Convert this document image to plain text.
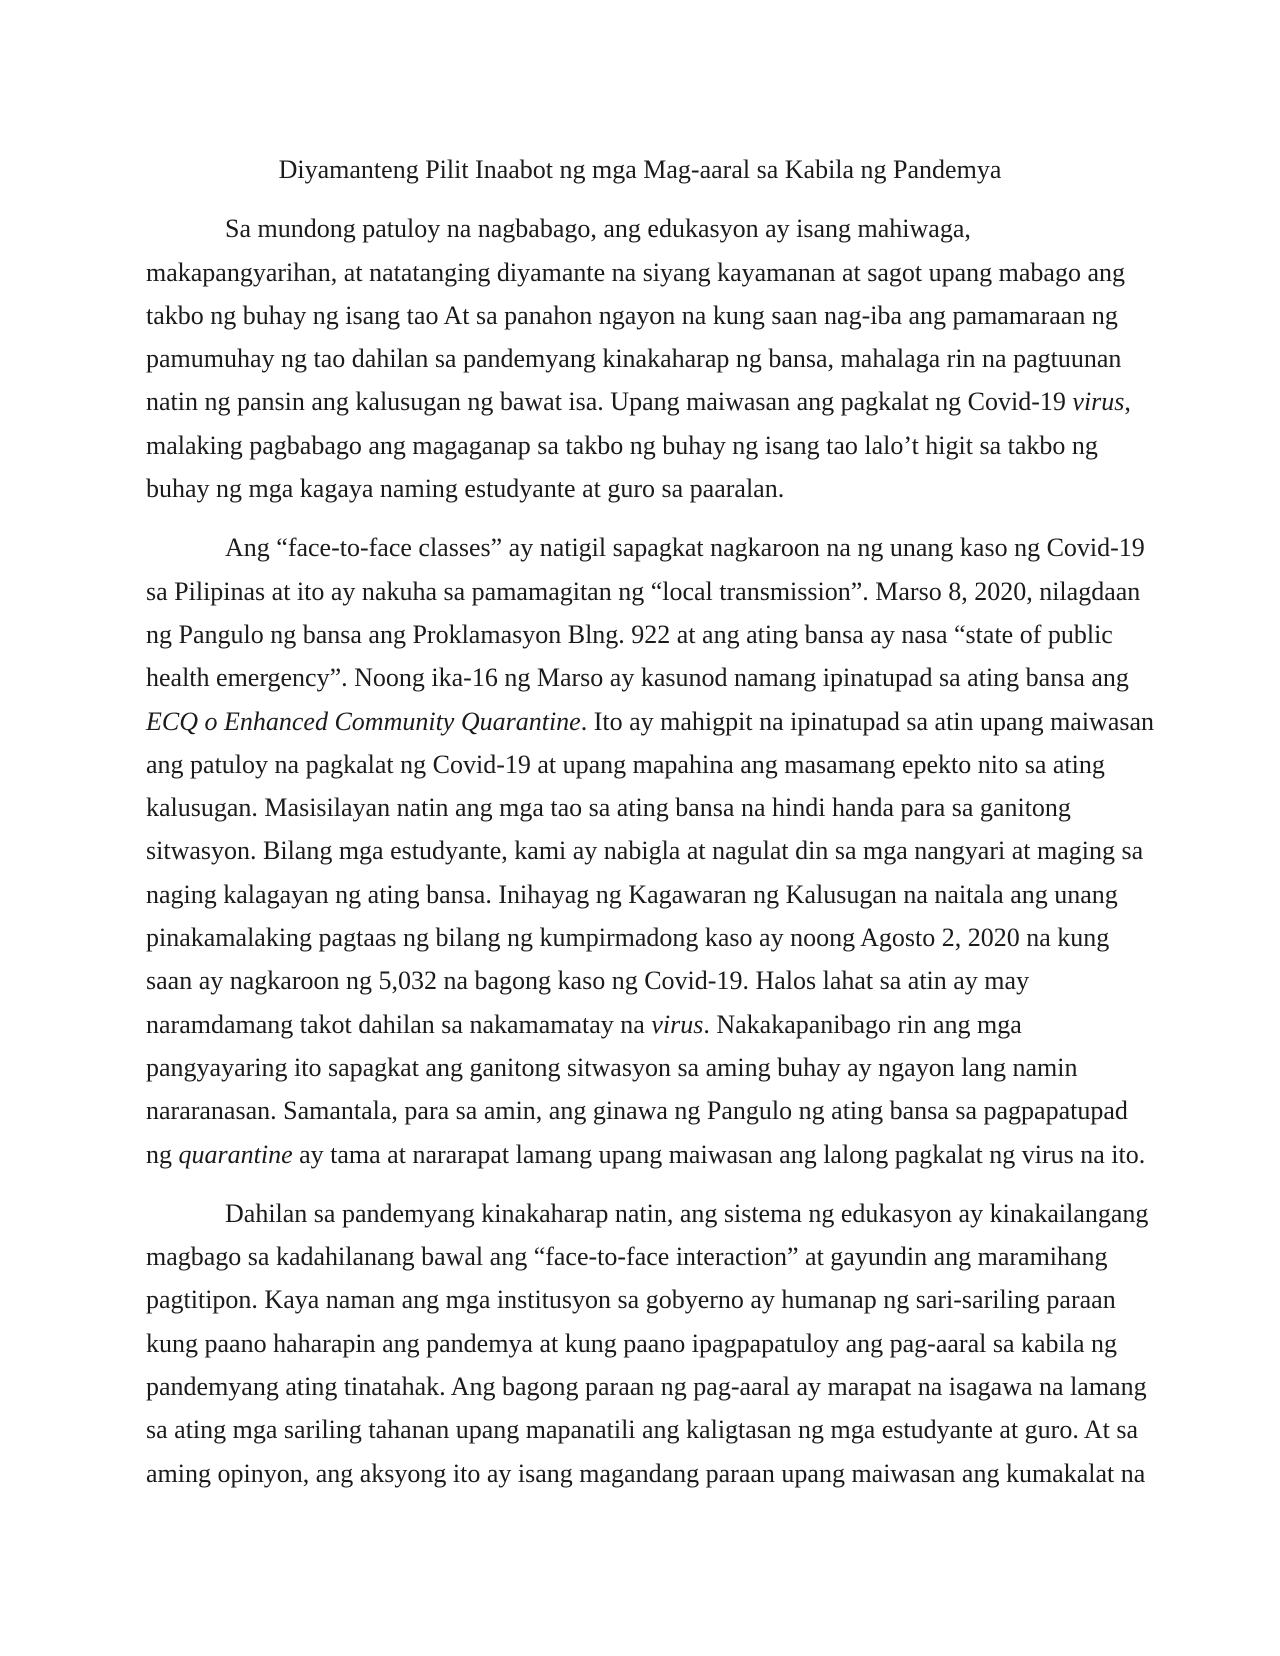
Diyamanteng Pilit Inaabot ng mga Mag-aaral sa Kabila ng Pandemya
Sa mundong patuloy na nagbabago, ang edukasyon ay isang mahiwaga,
makapangyarihan, at natatanging diyamante na siyang kayamanan at sagot upang mabago ang
takbo ng buhay ng isang tao At sa panahon ngayon na kung saan nag-iba ang pamamaraan ng
pamumuhay ng tao dahilan sa pandemyang kinakaharap ng bansa, mahalaga rin na pagtuunan
natin ng pansin ang kalusugan ng bawat isa. Upang maiwasan ang pagkalat ng Covid-19 virus,
malaking pagbabago ang magaganap sa takbo ng buhay ng isang tao lalo’t higit sa takbo ng
buhay ng mga kagaya naming estudyante at guro sa paaralan.
Ang “face-to-face classes” ay natigil sapagkat nagkaroon na ng unang kaso ng Covid-19
sa Pilipinas at ito ay nakuha sa pamamagitan ng “local transmission”. Marso 8, 2020, nilagdaan
ng Pangulo ng bansa ang Proklamasyon Blng. 922 at ang ating bansa ay nasa “state of public
health emergency”. Noong ika-16 ng Marso ay kasunod namang ipinatupad sa ating bansa ang
ECQ o Enhanced Community Quarantine. Ito ay mahigpit na ipinatupad sa atin upang maiwasan
ang patuloy na pagkalat ng Covid-19 at upang mapahina ang masamang epekto nito sa ating
kalusugan. Masisilayan natin ang mga tao sa ating bansa na hindi handa para sa ganitong
sitwasyon. Bilang mga estudyante, kami ay nabigla at nagulat din sa mga nangyari at maging sa
naging kalagayan ng ating bansa. Inihayag ng Kagawaran ng Kalusugan na naitala ang unang
pinakamalaking pagtaas ng bilang ng kumpirmadong kaso ay noong Agosto 2, 2020 na kung
saan ay nagkaroon ng 5,032 na bagong kaso ng Covid-19. Halos lahat sa atin ay may
naramdamang takot dahilan sa nakamamatay na virus. Nakakapanibago rin ang mga
pangyayaring ito sapagkat ang ganitong sitwasyon sa aming buhay ay ngayon lang namin
nararanasan. Samantala, para sa amin, ang ginawa ng Pangulo ng ating bansa sa pagpapatupad
ng quarantine ay tama at nararapat lamang upang maiwasan ang lalong pagkalat ng virus na ito.
Dahilan sa pandemyang kinakaharap natin, ang sistema ng edukasyon ay kinakailangang
magbago sa kadahilanang bawal ang “face-to-face interaction” at gayundin ang maramihang
pagtitipon. Kaya naman ang mga institusyon sa gobyerno ay humanap ng sari-sariling paraan
kung paano haharapin ang pandemya at kung paano ipagpapatuloy ang pag-aaral sa kabila ng
pandemyang ating tinatahak. Ang bagong paraan ng pag-aaral ay marapat na isagawa na lamang
sa ating mga sariling tahanan upang mapanatili ang kaligtasan ng mga estudyante at guro. At sa
aming opinyon, ang aksyong ito ay isang magandang paraan upang maiwasan ang kumakalat na
